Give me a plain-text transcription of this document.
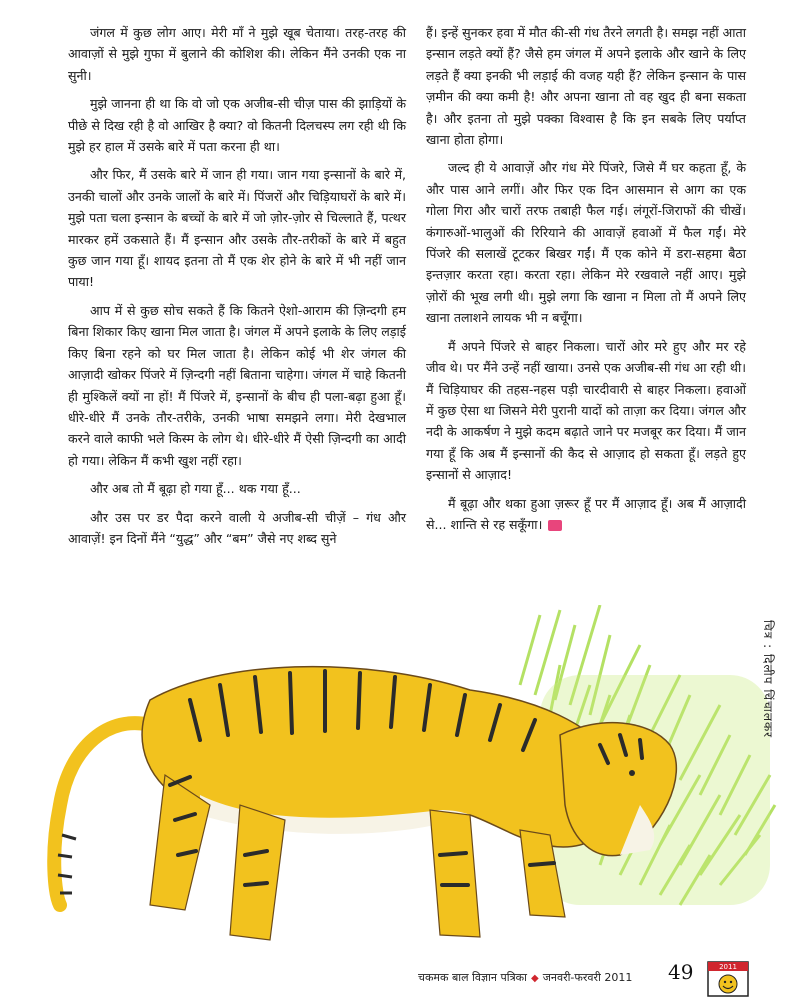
जंगल में कुछ लोग आए। मेरी माँ ने मुझे खूब चेताया। तरह-तरह की आवाज़ों से मुझे गुफा में बुलाने की कोशिश की। लेकिन मैंने उनकी एक ना सुनी।

मुझे जानना ही था कि वो जो एक अजीब-सी चीज़ पास की झाड़ियों के पीछे से दिख रही है वो आखिर है क्या? वो कितनी दिलचस्प लग रही थी कि मुझे हर हाल में उसके बारे में पता करना ही था।

और फिर, मैं उसके बारे में जान ही गया। जान गया इन्सानों के बारे में, उनकी चालों और उनके जालों के बारे में। पिंजरों और चिड़ियाघरों के बारे में। मुझे पता चला इन्सान के बच्चों के बारे में जो ज़ोर-ज़ोर से चिल्लाते हैं, पत्थर मारकर हमें उकसाते हैं। मैं इन्सान और उसके तौर-तरीकों के बारे में बहुत कुछ जान गया हूँ। शायद इतना तो मैं एक शेर होने के बारे में भी नहीं जान पाया!

आप में से कुछ सोच सकते हैं कि कितने ऐशो-आराम की ज़िन्दगी हम बिना शिकार किए खाना मिल जाता है। जंगल में अपने इलाके के लिए लड़ाई किए बिना रहने को घर मिल जाता है। लेकिन कोई भी शेर जंगल की आज़ादी खोकर पिंजरे में ज़िन्दगी नहीं बिताना चाहेगा। जंगल में चाहे कितनी ही मुश्किलें क्यों ना हों! मैं पिंजरे में, इन्सानों के बीच ही पला-बढ़ा हुआ हूँ। धीरे-धीरे मैं उनके तौर-तरीके, उनकी भाषा समझने लगा। मेरी देखभाल करने वाले काफी भले किस्म के लोग थे। धीरे-धीरे मैं ऐसी ज़िन्दगी का आदी हो गया। लेकिन मैं कभी खुश नहीं रहा।

और अब तो मैं बूढ़ा हो गया हूँ... थक गया हूँ...

और उस पर डर पैदा करने वाली ये अजीब-सी चीज़ें – गंध और आवाज़ें! इन दिनों मैंने “युद्ध” और “बम” जैसे नए शब्द सुने

हैं। इन्हें सुनकर हवा में मौत की-सी गंध तैरने लगती है। समझ नहीं आता इन्सान लड़ते क्यों हैं? जैसे हम जंगल में अपने इलाके और खाने के लिए लड़ते हैं क्या इनकी भी लड़ाई की वजह यही हैं? लेकिन इन्सान के पास ज़मीन की क्या कमी है! और अपना खाना तो वह खुद ही बना सकता है। और इतना तो मुझे पक्का विश्वास है कि इन सबके लिए पर्याप्त खाना होता होगा।

जल्द ही ये आवाज़ें और गंध मेरे पिंजरे, जिसे मैं घर कहता हूँ, के और पास आने लगीं। और फिर एक दिन आसमान से आग का एक गोला गिरा और चारों तरफ तबाही फैल गई। लंगूरों-जिराफों की चीखें। कंगारुओं-भालुओं की रिरियाने की आवाज़ें हवाओं में फैल गईं। मेरे पिंजरे की सलाखें टूटकर बिखर गईं। मैं एक कोने में डरा-सहमा बैठा इन्तज़ार करता रहा। करता रहा। लेकिन मेरे रखवाले नहीं आए। मुझे ज़ोरों की भूख लगी थी। मुझे लगा कि खाना न मिला तो मैं अपने लिए खाना तलाशने लायक भी न बचूँगा।

मैं अपने पिंजरे से बाहर निकला। चारों ओर मरे हुए और मर रहे जीव थे। पर मैंने उन्हें नहीं खाया। उनसे एक अजीब-सी गंध आ रही थी। मैं चिड़ियाघर की तहस-नहस पड़ी चारदीवारी से बाहर निकला। हवाओं में कुछ ऐसा था जिसने मेरी पुरानी यादों को ताज़ा कर दिया। जंगल और नदी के आकर्षण ने मुझे कदम बढ़ाते जाने पर मजबूर कर दिया। मैं जान गया हूँ कि अब मैं इन्सानों की कैद से आज़ाद हो सकता हूँ। लड़ते हुए इन्सानों से आज़ाद!

मैं बूढ़ा और थका हुआ ज़रूर हूँ पर मैं आज़ाद हूँ। अब मैं आज़ादी से... शान्ति से रह सकूँगा।

चित्र : दिलीप चिंचालकर
चकमक बाल विज्ञान पत्रिका ◆ जनवरी-फरवरी 2011 49	2011
